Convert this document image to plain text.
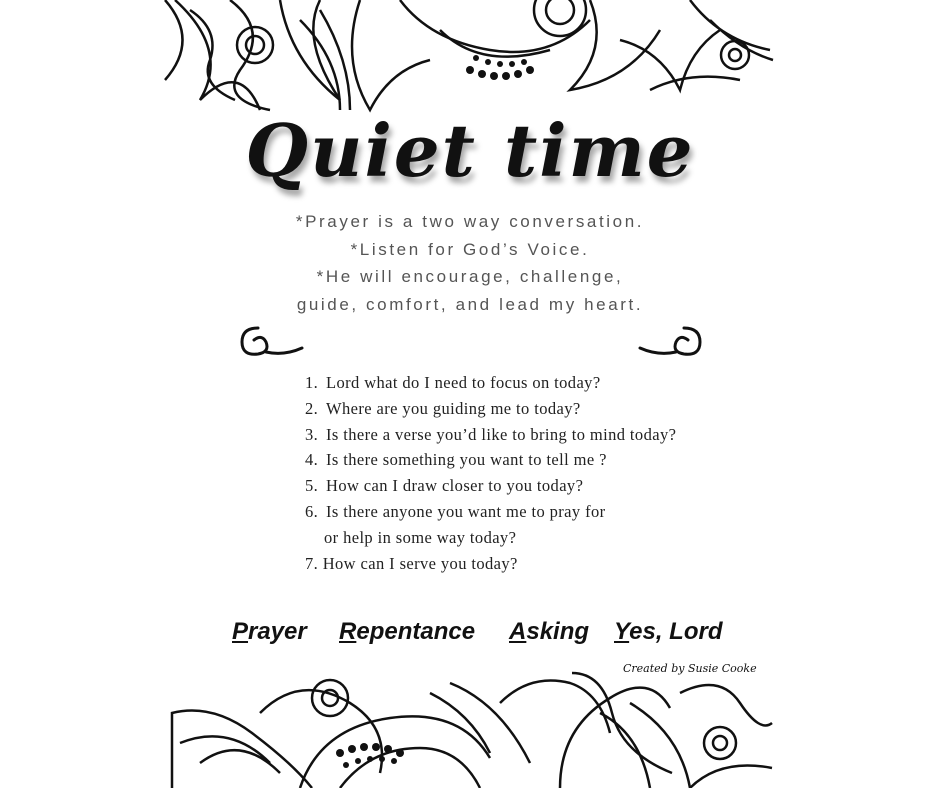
Quiet time
*Prayer is a two way conversation.
*Listen for God’s Voice.
*He will encourage, challenge,
guide, comfort, and lead my heart.
1. Lord what do I need to focus on today?
2. Where are you guiding me to today?
3. Is there a verse you’d like to bring to mind today?
4. Is there something you want to tell me ?
5. How can I draw closer to you today?
6. Is there anyone you want me to pray for
or help in some way today?
7. How can I serve you today?
Prayer Repentance Asking Yes, Lord
Created by Susie Cooke
